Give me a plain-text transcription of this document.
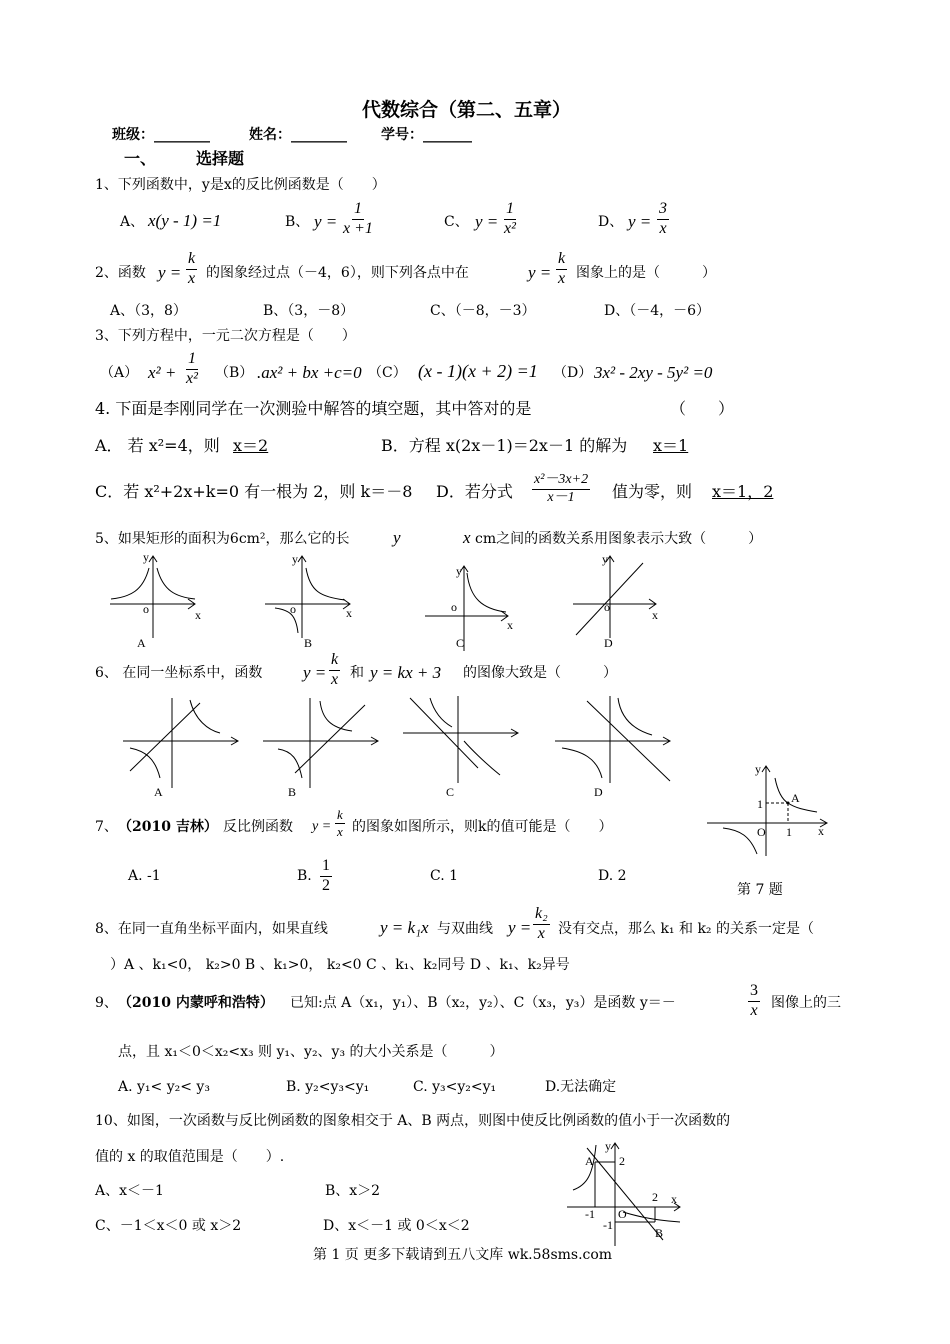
代数综合（第二、五章）
班级：________	姓名：________ 学号：_______
一、 选择题
1、下列函数中，y是x的反比例函数是（　　）
A、 x(y - 1) =1	B、 $y = \frac{1}{x +1}$	C、 $y = \frac{1}{\text{x²}}$	D、 $y = \frac{3}{x}$
2、函数 $y = \frac{k}{x}$ 的图象经过点（－4，6），则下列各点中在	$y = \frac{k}{x}$ 图象上的是（　　　）
A、（3，8）	B、（3，－8）	C、（－8，－3）	D、（－4，－6）
3、下列方程中，一元二次方程是（　　）
（A） $x^2 + \frac{1}{\text{x²}} (B) .ax^2$ + bx +c=0 （C） (x - 1)(x + 2) =1 （D） 3x² - 2xy - 5y² =0
4. 下面是李刚同学在一次测验中解答的填空题，其中答对的是	（　　）
A． 若 x²=4，则 x＝2	B．方程 x(2x－1)＝2x－1 的解为 x＝1
C．若 x²+2x+k=0 有一根为 2，则 k＝－8 D．若分式 $\frac{\text{x²－3x+2}}{x-1}$ 值为零，则 x＝1，2
5、如果矩形的面积为6cm²，那么它的长	y	x cm之间的函数关系用图象表示大致（　　　）
y
o	x
A
y
o	x
B
y
o
x
C
y
o
x
D
6、 在同一坐标系中，函数 $y = \frac{k}{x}$ 和 y = kx + 3 的图像大致是（　　　）
A	B	C	D
y
1 A
O 1 x
7、 （2010 吉林） 反比例函数 $y = \frac{k}{x}$ 的图象如图所示，则k的值可能是（　　）
A. -1	B. $\frac{1}{2}$	C. 1	D. 2
第 7 题
8、在同一直角坐标平面内，如果直线	y = k₁x 与双曲线 $y = \frac{\text{k₂}}{x}$ 没有交点，那么 k₁ 和 k₂ 的关系一定是（
）A 、k₁<0， k₂>0 B 、k₁>0， k₂<0 C 、k₁、k₂同号 D 、k₁、k₂异号
9、 （2010 内蒙呼和浩特） 已知:点 A（x₁，y₁）、B（x₂，y₂）、C（x₃，y₃）是函数 y＝－	$\frac{3}{x}$ 图像上的三
点，且 x₁＜0＜x₂<x₃ 则 y₁、y₂、y₃ 的大小关系是（　　　）
A. y₁< y₂< y₃	B. y₂<y₃<y₁	C. y₃<y₂<y₁	D.无法确定
10、如图，一次函数与反比例函数的图象相交于 A、B 两点，则图中使反比例函数的值小于一次函数的
值的 x 的取值范围是（　　）.
A、x＜－1	B、x＞2
C、－1＜x＜0 或 x＞2	D、x＜－1 或 0＜x＜2
y
A 2
2 x
-1 O
-1
B
第 1 页 更多下载请到五八文库 wk.58sms.com
